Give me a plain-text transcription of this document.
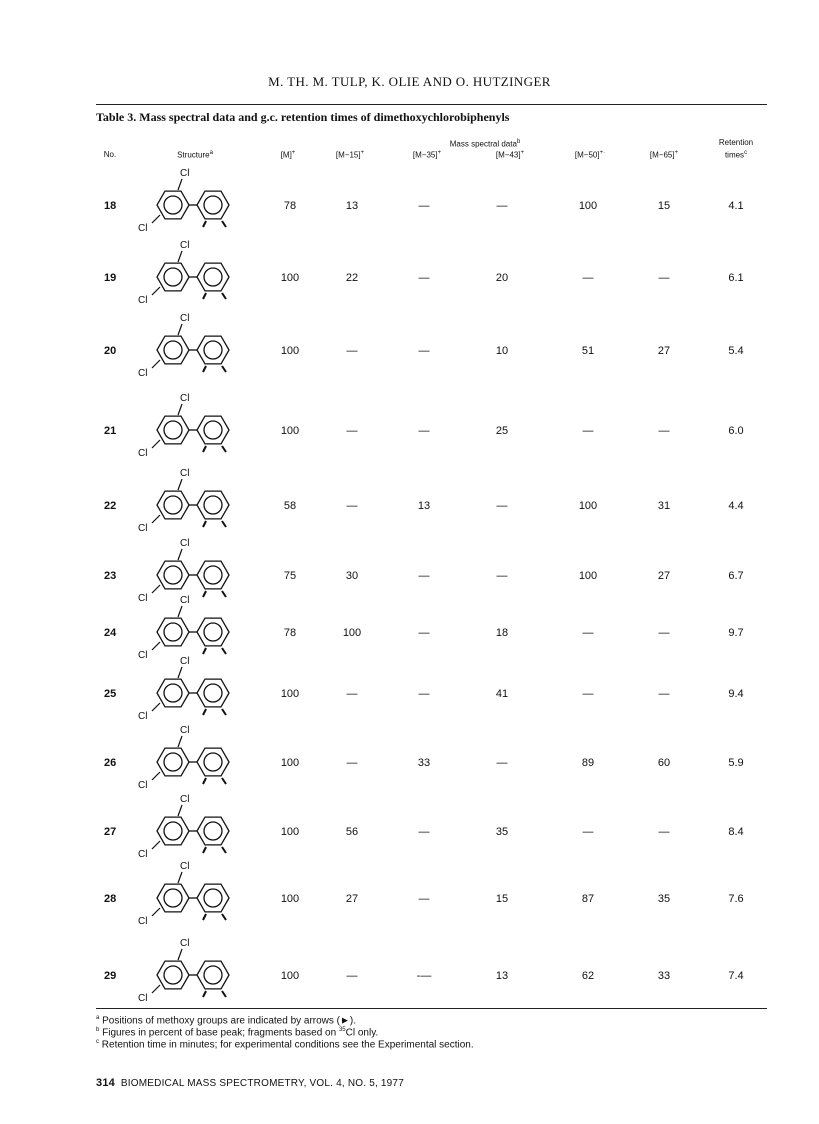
M. TH. M. TULP, K. OLIE AND O. HUTZINGER
Table 3. Mass spectral data and g.c. retention times of dimethoxychlorobiphenyls
No.	Structure$^a$	[M]+	[M−15]+
Mass spectral data$^b$
[M−35]+	[M−43]+	[M−50]+·	[M−65]+
Retention
times$^c$
18
Cl
Cl
78	13	—	—	100	15	4.1
19
Cl
Cl
100	22	—	20	—	—	6.1
20
Cl
Cl
100	—	—	10	51	27	5.4
21
Cl
Cl
100	—	—	25	—	—	6.0
22
Cl
Cl
58	—	13	—	100	31	4.4
23
Cl
Cl
75	30	—	—	100	27	6.7
24
Cl
Cl
78	100	—	18	—	—	9.7
25
Cl
Cl
100	—	—	41	—	—	9.4
26
Cl
Cl
100	—	33	—	89	60	5.9
27
Cl
Cl
100	56	—	35	—	—	8.4
28
Cl
Cl
100	27	—	15	87	35	7.6
29
Cl
Cl
100	—	-—	13	62	33	7.4
$^a$ Positions of methoxy groups are indicated by arrows (►).
$^b$ Figures in percent of base peak; fragments based on $^{35}$Cl only.
$^c$ Retention time in minutes; for experimental conditions see the Experimental section.
314 BIOMEDICAL MASS SPECTROMETRY, VOL. 4, NO. 5, 1977
